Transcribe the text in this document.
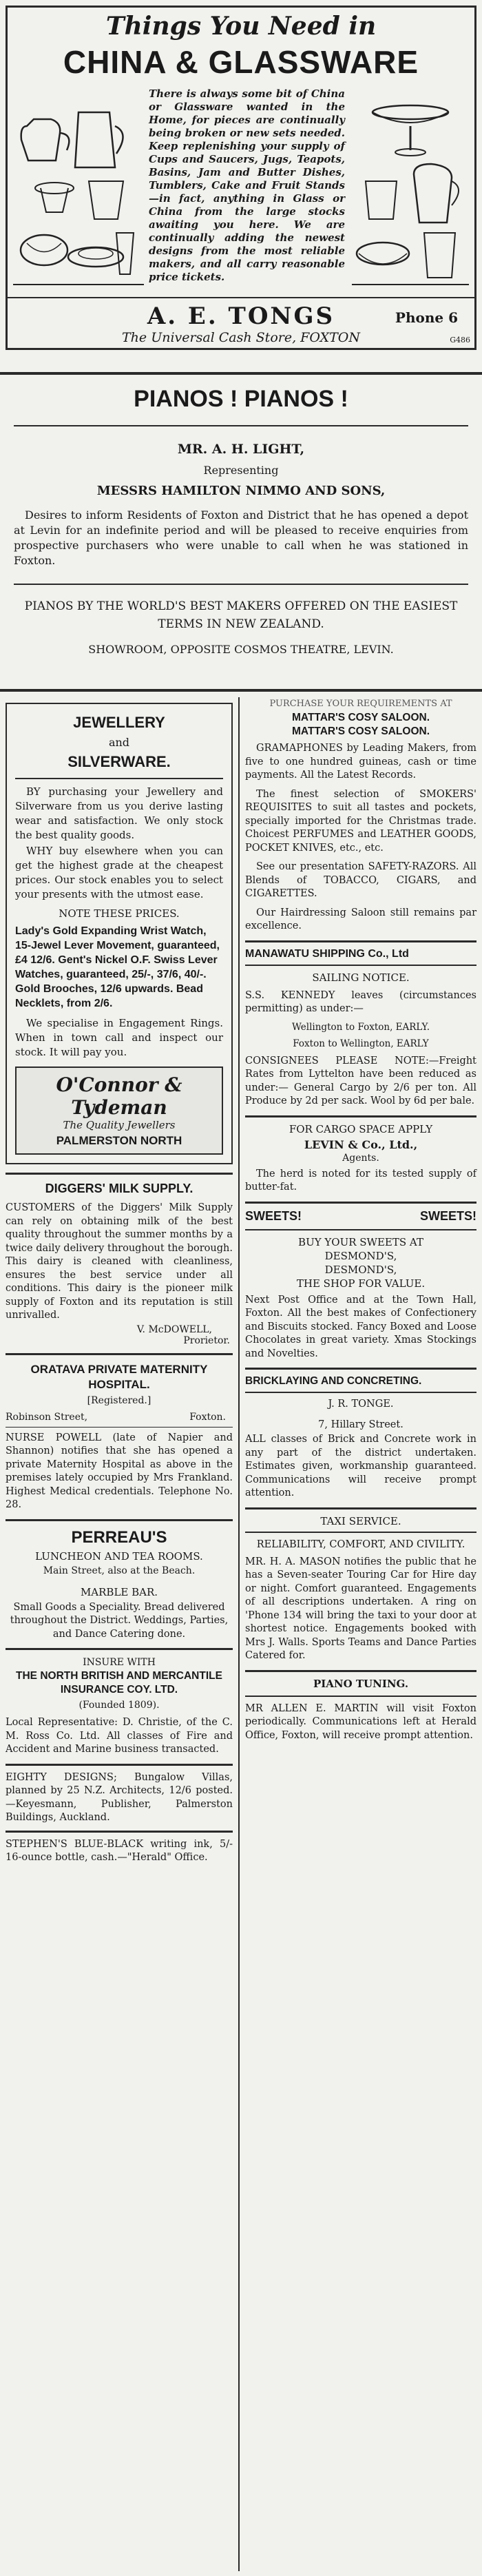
Things You Need in
CHINA & GLASSWARE
There is always some bit of China or Glassware wanted in the Home, for pieces are continually being broken or new sets needed. Keep replenishing your supply of Cups and Saucers, Jugs, Teapots, Basins, Jam and Butter Dishes, Tumblers, Cake and Fruit Stands—in fact, anything in Glass or China from the large stocks awaiting you here. We are continually adding the newest designs from the most reliable makers, and all carry reasonable price tickets.
A. E. TONGS	Phone 6
The Universal Cash Store, FOXTON	G486
PIANOS ! PIANOS !
MR. A. H. LIGHT,
Representing
MESSRS HAMILTON NIMMO AND SONS,
Desires to inform Residents of Foxton and District that he has opened a depot at Levin for an indefinite period and will be pleased to receive enquiries from prospective purchasers who were unable to call when he was stationed in Foxton.
PIANOS BY THE WORLD'S BEST MAKERS OFFERED ON THE EASIEST TERMS IN NEW ZEALAND.
SHOWROOM, OPPOSITE COSMOS THEATRE, LEVIN.
JEWELLERY
and
SILVERWARE.

BY purchasing your Jewellery and Silverware from us you derive lasting wear and satisfaction. We only stock the best quality goods.

WHY buy elsewhere when you can get the highest grade at the cheapest prices. Our stock enables you to select your presents with the utmost ease.

NOTE THESE PRICES.

Lady's Gold Expanding Wrist Watch, 15-Jewel Lever Movement, guaranteed, £4 12/6. Gent's Nickel O.F. Swiss Lever Watches, guaranteed, 25/-, 37/6, 40/-. Gold Brooches, 12/6 upwards. Bead Necklets, from 2/6.

We specialise in Engagement Rings. When in town call and inspect our stock. It will pay you.

O'Connor & Tydeman
The Quality Jewellers
PALMERSTON NORTH
DIGGERS' MILK SUPPLY.

CUSTOMERS of the Diggers' Milk Supply can rely on obtaining milk of the best quality throughout the summer months by a twice daily delivery throughout the borough. This dairy is cleaned with cleanliness, ensures the best service under all conditions. This dairy is the pioneer milk supply of Foxton and its reputation is still unrivalled.

V. McDOWELL,
Prorietor.
ORATAVA PRIVATE MATERNITY HOSPITAL.
[Registered.]
Robinson Street,	Foxton.

NURSE POWELL (late of Napier and Shannon) notifies that she has opened a private Maternity Hospital as above in the premises lately occupied by Mrs Frankland. Highest Medical credentials. Telephone No. 28.

PERREAU'S
LUNCHEON AND TEA ROOMS.
Main Street, also at the Beach.
MARBLE BAR.

Small Goods a Speciality. Bread delivered throughout the District. Weddings, Parties, and Dance Catering done.

INSURE WITH
THE NORTH BRITISH AND MERCANTILE INSURANCE COY. LTD.
(Founded 1809).

Local Representative: D. Christie, of the C. M. Ross Co. Ltd. All classes of Fire and Accident and Marine business transacted.

EIGHTY DESIGNS; Bungalow Villas, planned by 25 N.Z. Architects, 12/6 posted.—Keyesmann, Publisher, Palmerston Buildings, Auckland.

STEPHEN'S BLUE-BLACK writing ink, 5/- 16-ounce bottle, cash.—"Herald" Office.

PURCHASE YOUR REQUIREMENTS AT
MATTAR'S COSY SALOON.
MATTAR'S COSY SALOON.

GRAMAPHONES by Leading Makers, from five to one hundred guineas, cash or time payments. All the Latest Records.

The finest selection of SMOKERS' REQUISITES to suit all tastes and pockets, specially imported for the Christmas trade. Choicest PERFUMES and LEATHER GOODS, POCKET KNIVES, etc., etc.

See our presentation SAFETY-RAZORS. All Blends of TOBACCO, CIGARS, and CIGARETTES.

Our Hairdressing Saloon still remains par excellence.

MANAWATU SHIPPING Co., Ltd
SAILING NOTICE.

S.S. KENNEDY leaves (circumstances permitting) as under:—

Wellington to Foxton, EARLY.
Foxton to Wellington, EARLY

CONSIGNEES PLEASE NOTE:—Freight Rates from Lyttelton have been reduced as under:— General Cargo by 2/6 per ton. All Produce by 2d per sack. Wool by 6d per bale.

FOR CARGO SPACE APPLY
LEVIN & Co., Ltd.,
Agents.

The herd is noted for its tested supply of butter-fat.

SWEETS!	SWEETS!
BUY YOUR SWEETS AT
DESMOND'S,
DESMOND'S,
THE SHOP FOR VALUE.

Next Post Office and at the Town Hall, Foxton. All the best makes of Confectionery and Biscuits stocked. Fancy Boxed and Loose Chocolates in great variety. Xmas Stockings and Novelties.

BRICKLAYING AND CONCRETING.
J. R. TONGE.
7, Hillary Street.

ALL classes of Brick and Concrete work in any part of the district undertaken. Estimates given, workmanship guaranteed. Communications will receive prompt attention.

TAXI SERVICE.
RELIABILITY, COMFORT, AND CIVILITY.

MR. H. A. MASON notifies the public that he has a Seven-seater Touring Car for Hire day or night. Comfort guaranteed. Engagements of all descriptions undertaken. A ring on 'Phone 134 will bring the taxi to your door at shortest notice. Engagements booked with Mrs J. Walls. Sports Teams and Dance Parties Catered for.

PIANO TUNING.

MR ALLEN E. MARTIN will visit Foxton periodically. Communications left at Herald Office, Foxton, will receive prompt attention.
